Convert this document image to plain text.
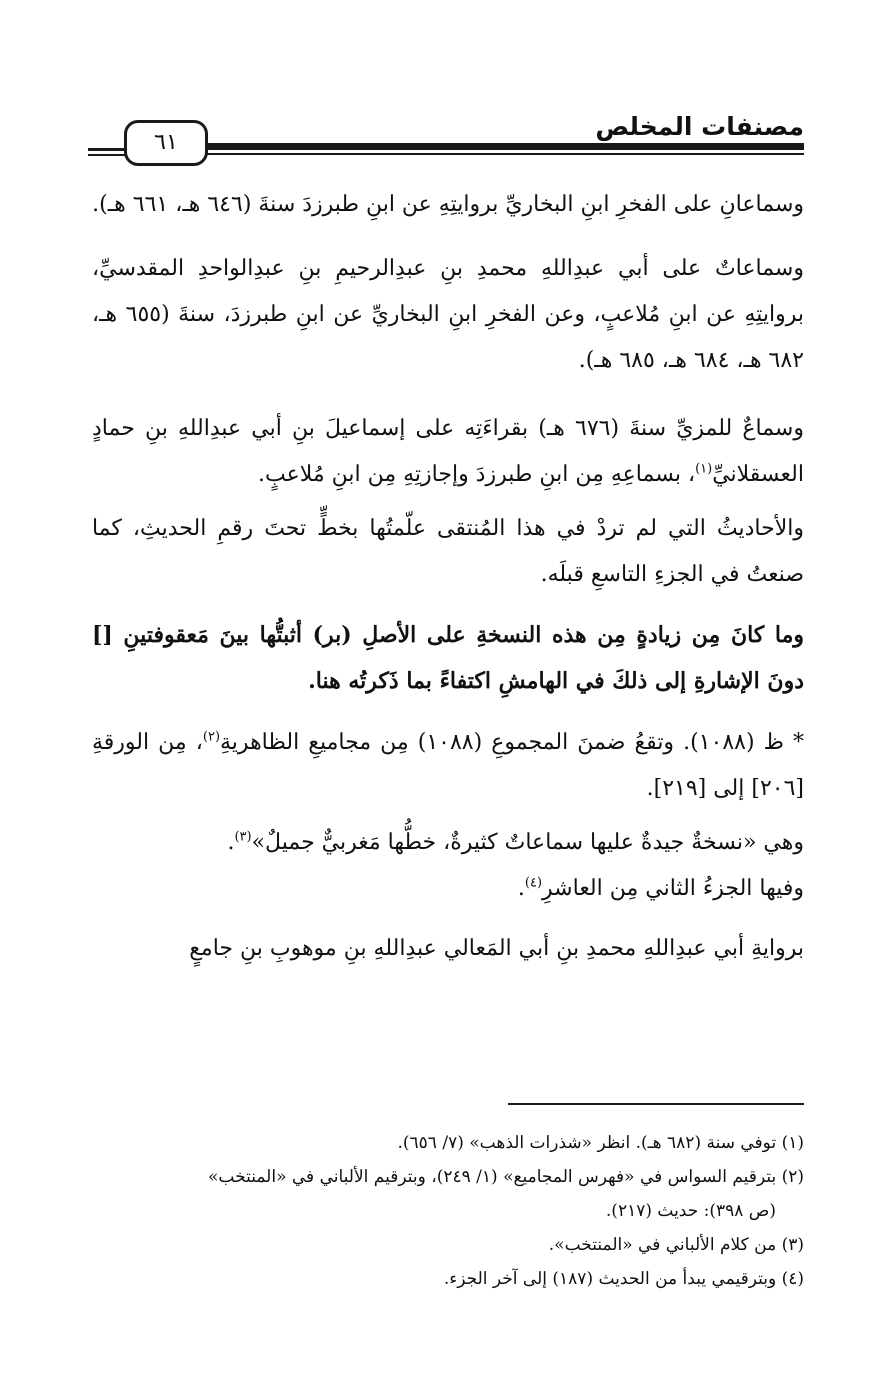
مصنفات المخلص
٦١

وسماعانِ على الفخرِ ابنِ البخاريِّ بروايتِهِ عن ابنِ طبرزدَ سنةَ (٦٤٦ هـ، ٦٦١ هـ).

وسماعاتٌ على أبي عبدِاللهِ محمدِ بنِ عبدِالرحيمِ بنِ عبدِالواحدِ المقدسيِّ، بروايتِهِ عن ابنِ مُلاعبٍ، وعن الفخرِ ابنِ البخاريِّ عن ابنِ طبرزدَ، سنةَ (٦٥٥ هـ، ٦٨٢ هـ، ٦٨٤ هـ، ٦٨٥ هـ).

وسماعٌ للمزيِّ سنةَ (٦٧٦ هـ) بقراءَتِه على إسماعيلَ بنِ أبي عبدِاللهِ بنِ حمادٍ العسقلانيِّ$^{(١)}$، بسماعِهِ مِن ابنِ طبرزدَ وإجازتِهِ مِن ابنِ مُلاعبٍ.

والأحاديثُ التي لم تردْ في هذا المُنتقى علّمتُها بخطٍّ تحتَ رقمِ الحديثِ، كما صنعتُ في الجزءِ التاسعِ قبلَه.

وما كانَ مِن زيادةٍ مِن هذه النسخةِ على الأصلِ (بر) أثبتُّها بينَ مَعقوفتينِ [] دونَ الإشارةِ إلى ذلكَ في الهامشِ اكتفاءً بما ذَكرتُه هنا.

* ظ (١٠٨٨). وتقعُ ضمنَ المجموعِ (١٠٨٨) مِن مجاميعِ الظاهريةِ$^{(٢)}$، مِن الورقةِ [٢٠٦] إلى [٢١٩].

وهي «نسخةٌ جيدةٌ عليها سماعاتٌ كثيرةٌ، خطُّها مَغربيٌّ جميلٌ»$^{(٣)}$.

وفيها الجزءُ الثاني مِن العاشرِ$^{(٤)}$.

بروايةِ أبي عبدِاللهِ محمدِ بنِ أبي المَعالي عبدِاللهِ بنِ موهوبِ بنِ جامعٍ

(١) توفي سنة (٦٨٢ هـ). انظر «شذرات الذهب» (٧/ ٦٥٦).

(٢) بترقيم السواس في «فهرس المجاميع» (١/ ٢٤٩)، وبترقيم الألباني في «المنتخب»

(ص ٣٩٨): حديث (٢١٧).

(٣) من كلام الألباني في «المنتخب».

(٤) وبترقيمي يبدأ من الحديث (١٨٧) إلى آخر الجزء.
